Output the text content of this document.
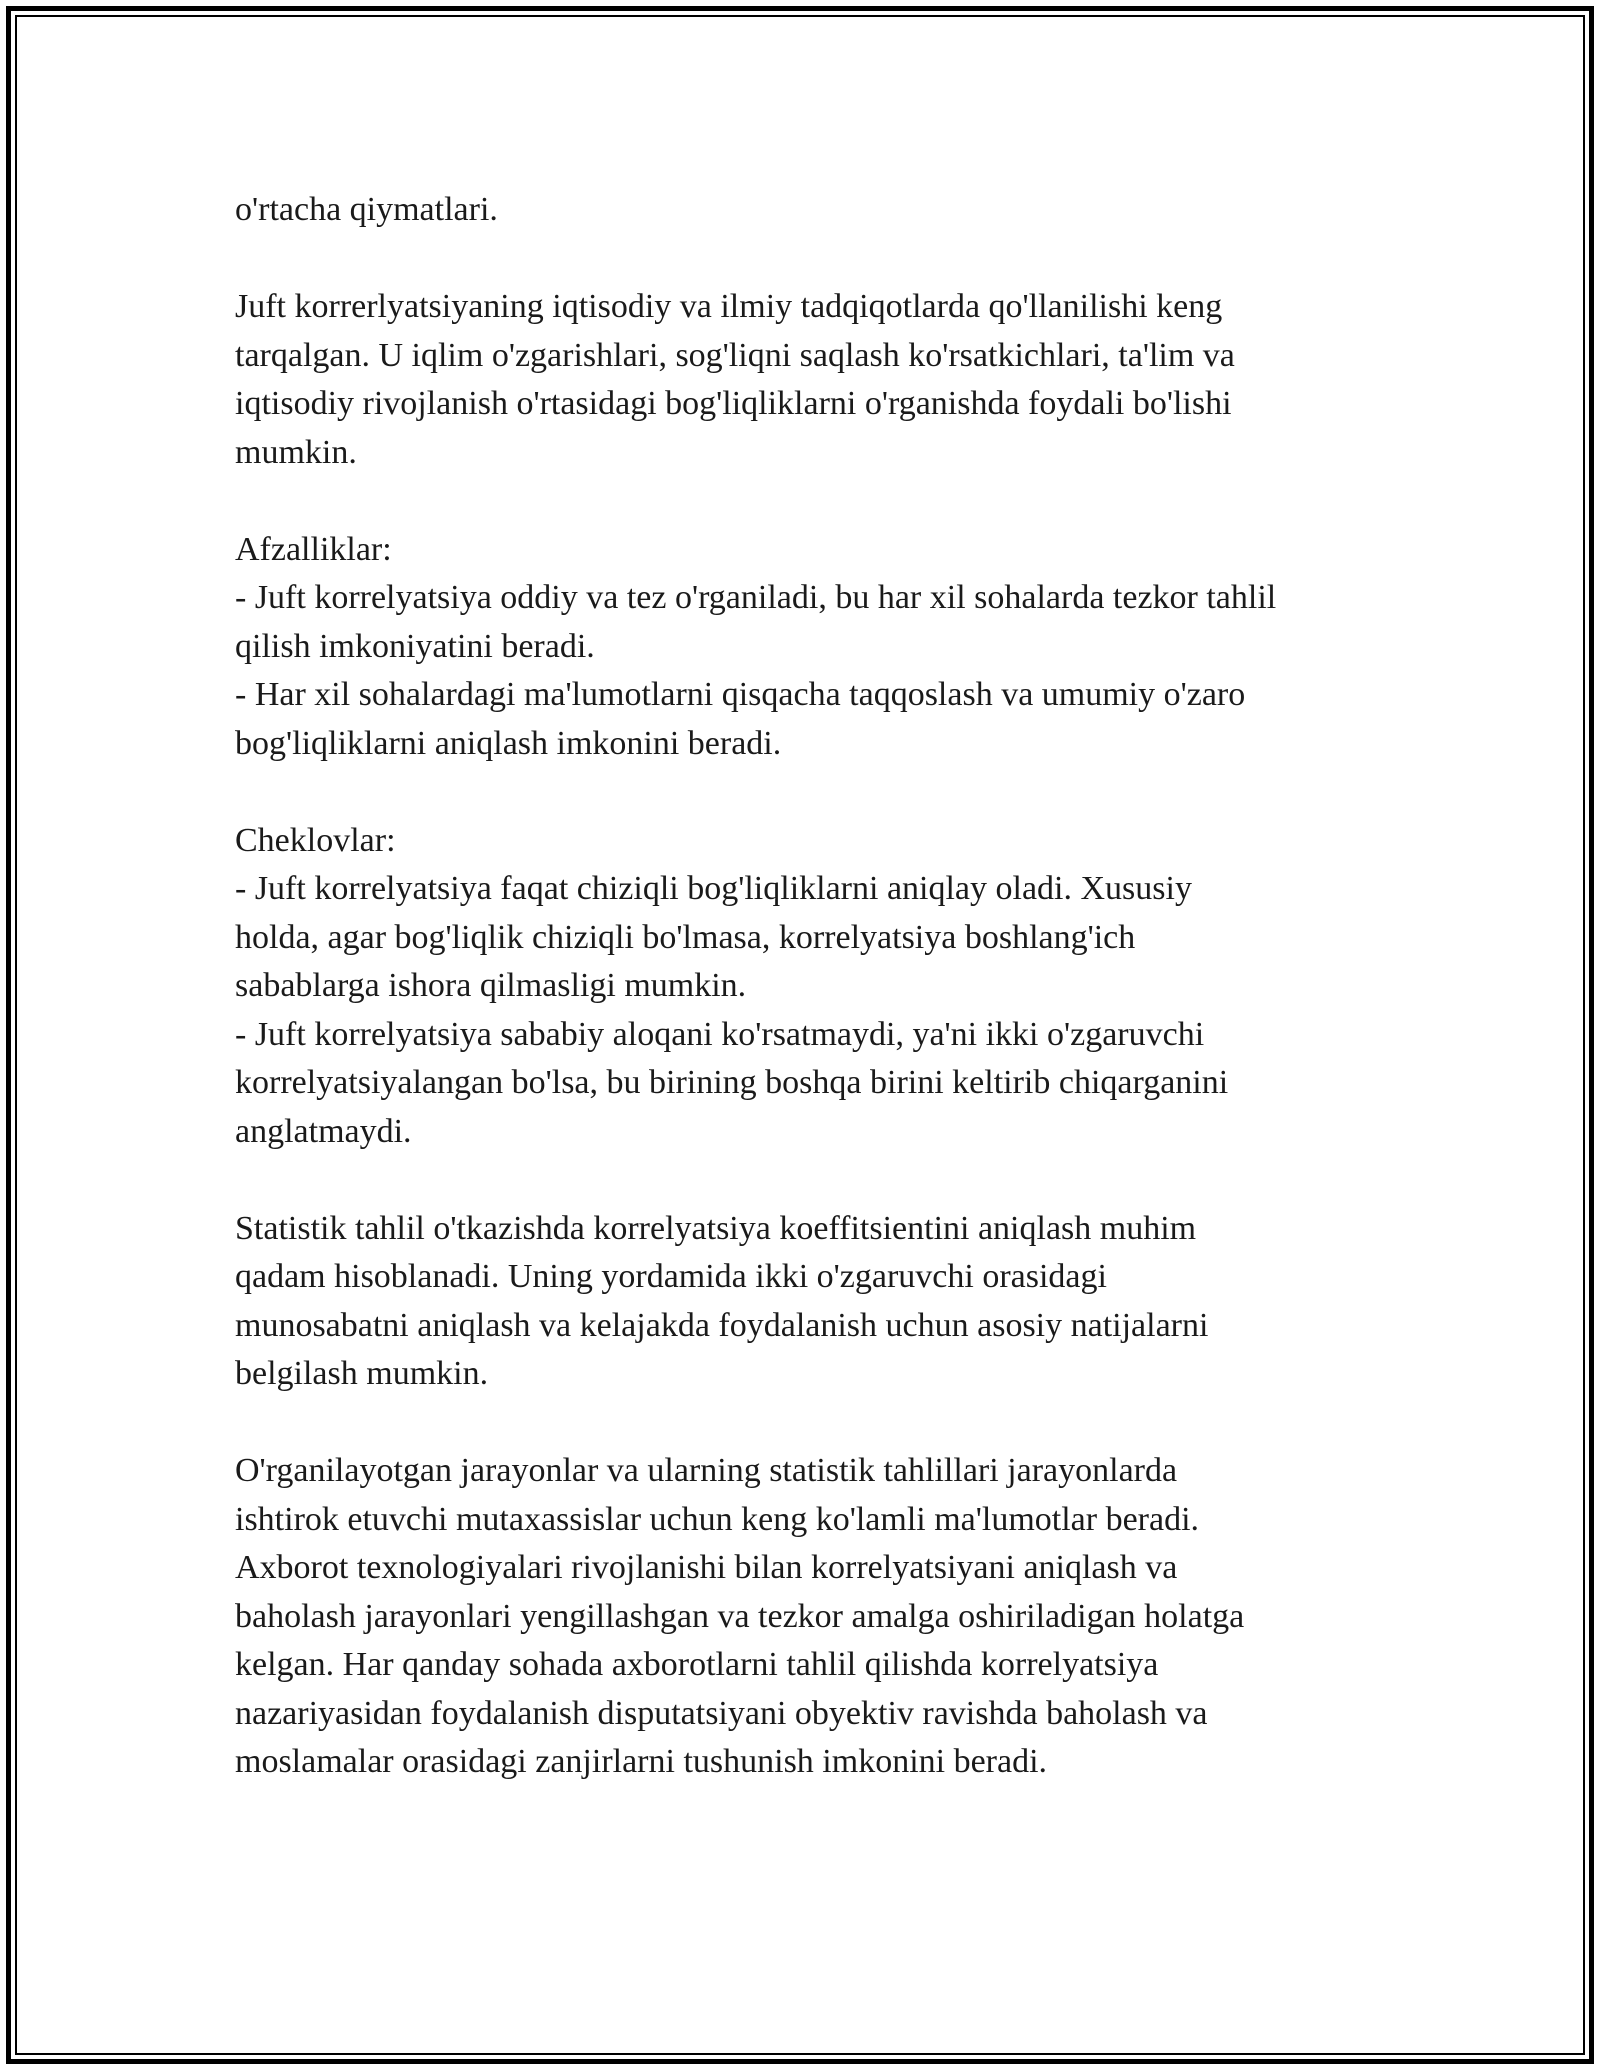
o'rtacha qiymatlari.

Juft korrerlyatsiyaning iqtisodiy va ilmiy tadqiqotlarda qo'llanilishi keng
tarqalgan. U iqlim o'zgarishlari, sog'liqni saqlash ko'rsatkichlari, ta'lim va
iqtisodiy rivojlanish o'rtasidagi bog'liqliklarni o'rganishda foydali bo'lishi
mumkin.

Afzalliklar:
- Juft korrelyatsiya oddiy va tez o'rganiladi, bu har xil sohalarda tezkor tahlil
qilish imkoniyatini beradi.
- Har xil sohalardagi ma'lumotlarni qisqacha taqqoslash va umumiy o'zaro
bog'liqliklarni aniqlash imkonini beradi.

Cheklovlar:
- Juft korrelyatsiya faqat chiziqli bog'liqliklarni aniqlay oladi. Xususiy
holda, agar bog'liqlik chiziqli bo'lmasa, korrelyatsiya boshlang'ich
sabablarga ishora qilmasligi mumkin.
- Juft korrelyatsiya sababiy aloqani ko'rsatmaydi, ya'ni ikki o'zgaruvchi
korrelyatsiyalangan bo'lsa, bu birining boshqa birini keltirib chiqarganini
anglatmaydi.

Statistik tahlil o'tkazishda korrelyatsiya koeffitsientini aniqlash muhim
qadam hisoblanadi. Uning yordamida ikki o'zgaruvchi orasidagi
munosabatni aniqlash va kelajakda foydalanish uchun asosiy natijalarni
belgilash mumkin.

O'rganilayotgan jarayonlar va ularning statistik tahlillari jarayonlarda
ishtirok etuvchi mutaxassislar uchun keng ko'lamli ma'lumotlar beradi.
Axborot texnologiyalari rivojlanishi bilan korrelyatsiyani aniqlash va
baholash jarayonlari yengillashgan va tezkor amalga oshiriladigan holatga
kelgan. Har qanday sohada axborotlarni tahlil qilishda korrelyatsiya
nazariyasidan foydalanish disputatsiyani obyektiv ravishda baholash va
moslamalar orasidagi zanjirlarni tushunish imkonini beradi.
